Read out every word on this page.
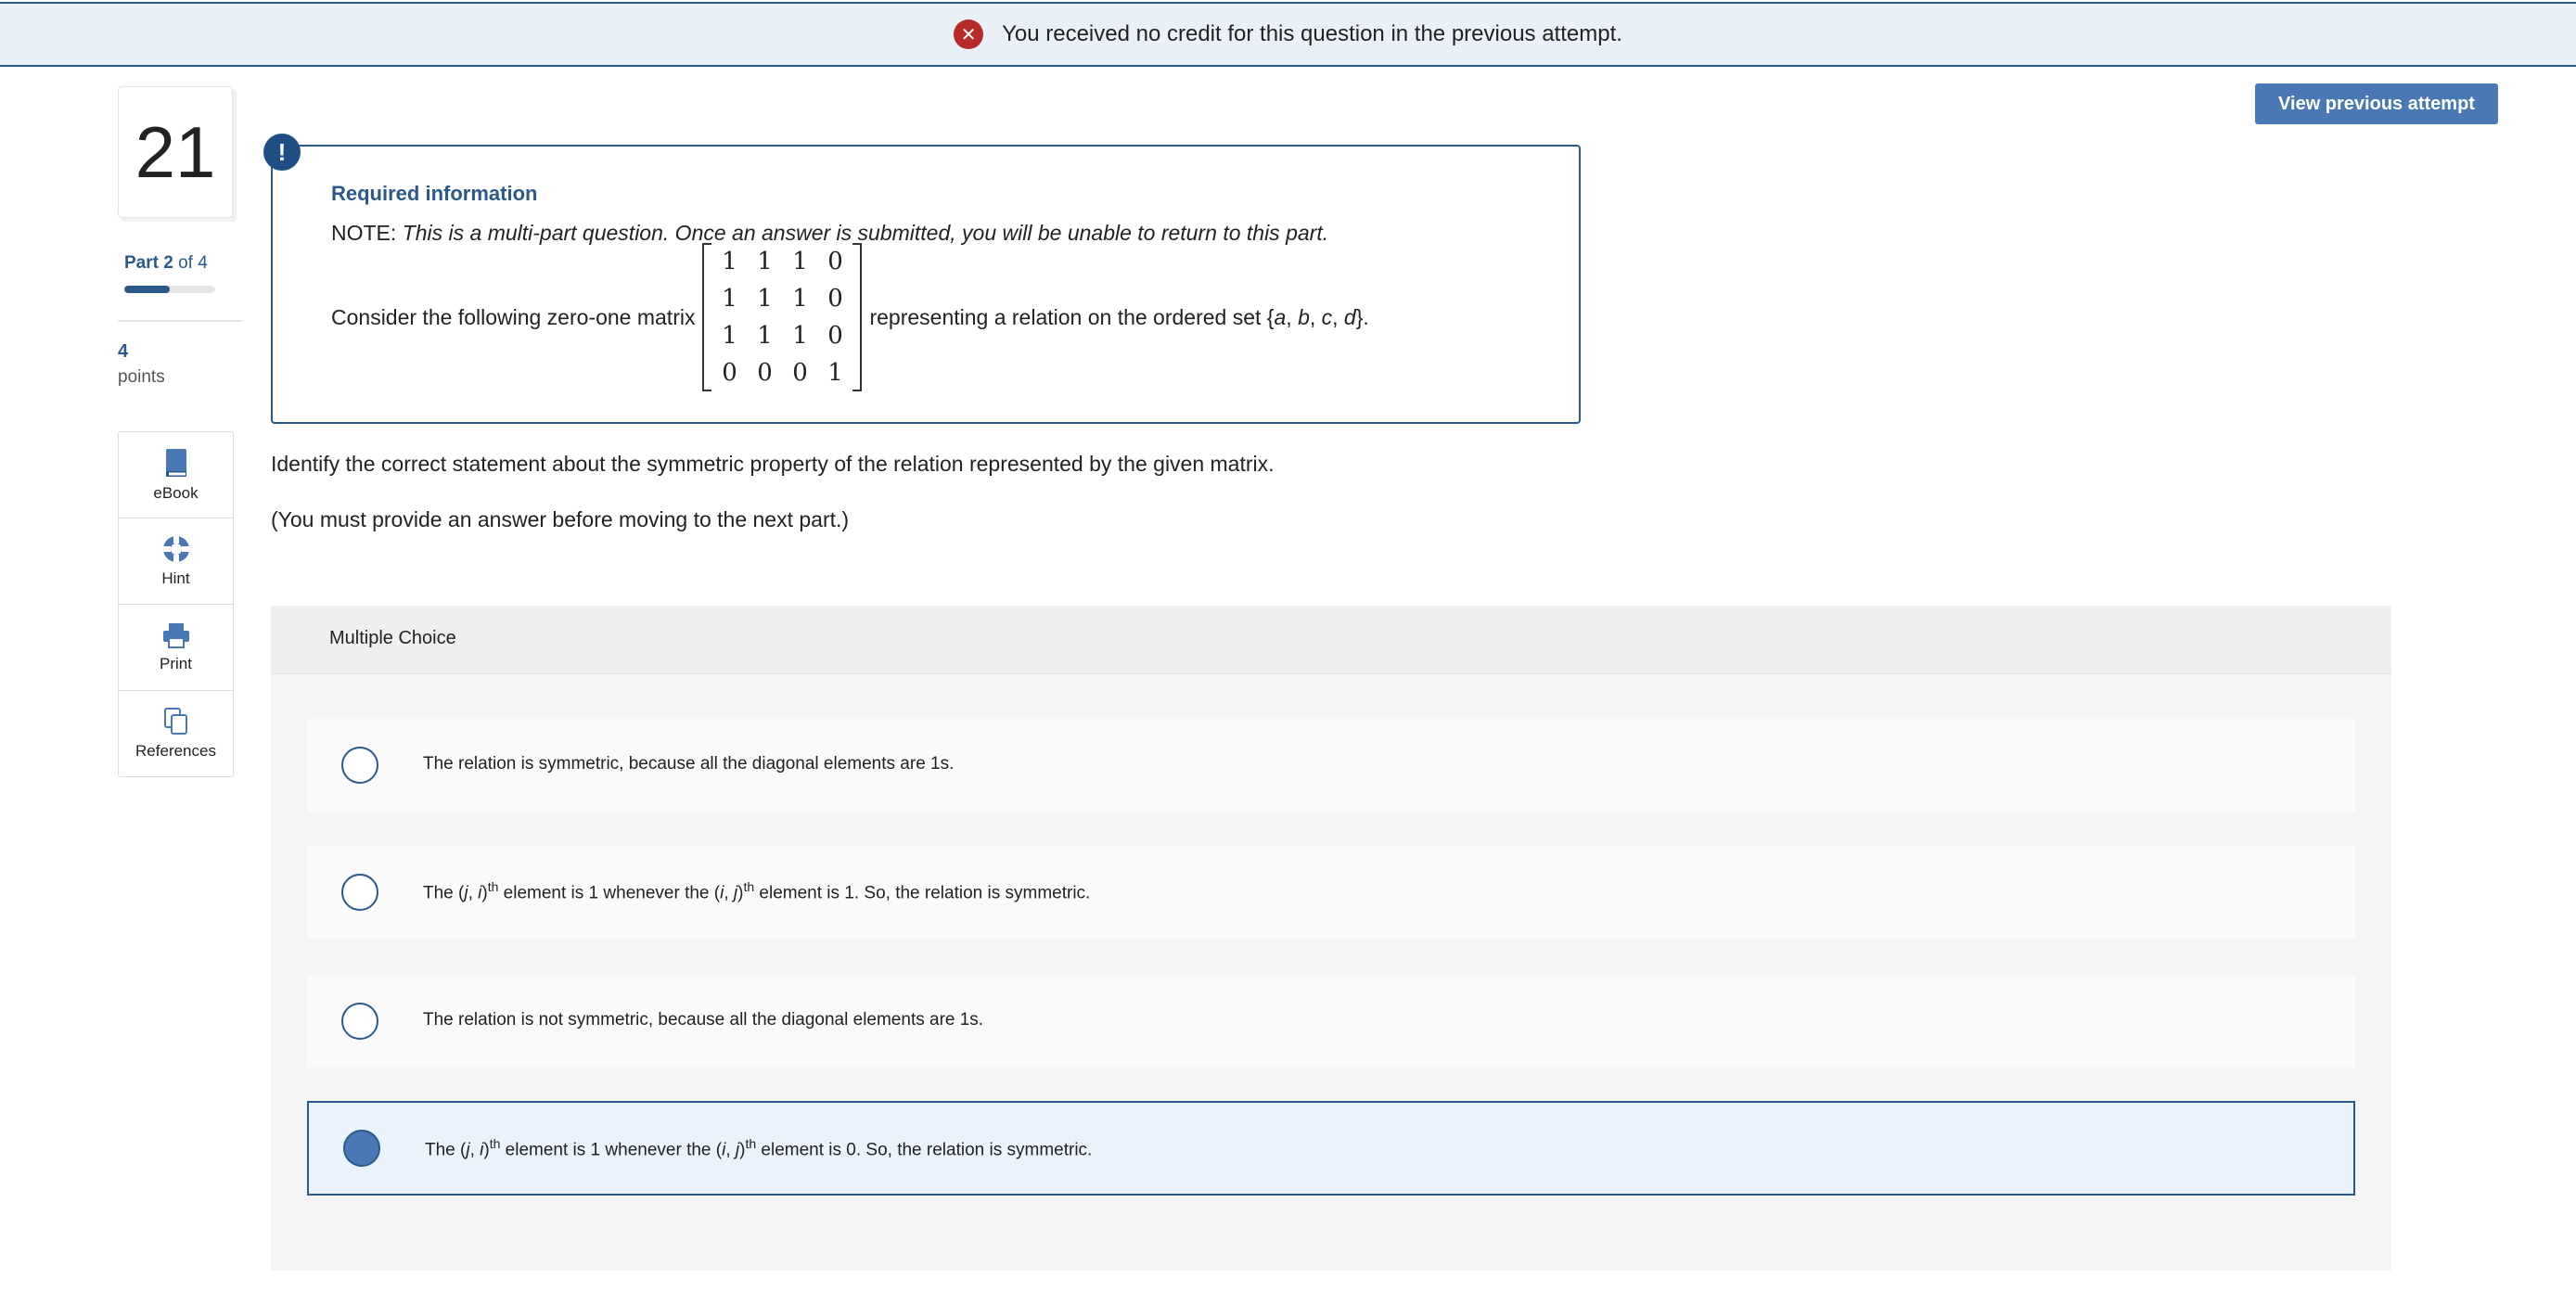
✕	You received no credit for this question in the previous attempt.
View previous attempt
21
Part 2 of 4
4
points
eBook
Hint
Print
References
!
Required information
NOTE: This is a multi-part question. Once an answer is submitted, you will be unable to return to this part.
Consider the following zero-one matrix
1 1 1 0
1 1 1 0
1 1 1 0
0 0 0 1
representing a relation on the ordered set { a , b , c , d }.
Identify the correct statement about the symmetric property of the relation represented by the given matrix.
(You must provide an answer before moving to the next part.)
Multiple Choice
The relation is symmetric, because all the diagonal elements are 1s.
The (j, i)$^{th}$ element is 1 whenever the (i, j)$^{th}$ element is 1. So, the relation is symmetric.
The relation is not symmetric, because all the diagonal elements are 1s.
The (j, i)$^{th}$ element is 1 whenever the (i, j)$^{th}$ element is 0. So, the relation is symmetric.
